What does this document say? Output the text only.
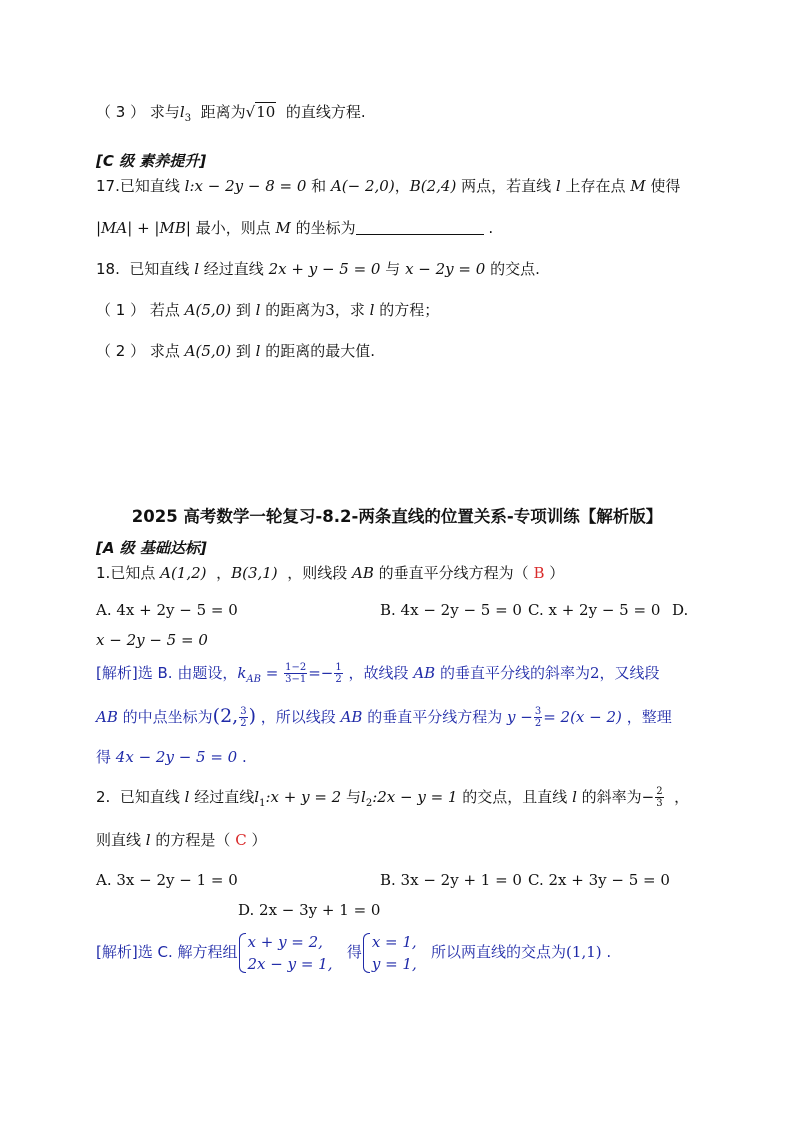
（ 3 ） 求与$l_3$ 距离为√10 的直线方程.
[C 级 素养提升]
17.已知直线 l:x − 2y − 8 = 0 和 A(− 2,0)，B(2,4) 两点，若直线 l 上存在点 M 使得
|MA| + |MB| 最小，则点 M 的坐标为	.
18. 已知直线 l 经过直线 2x + y − 5 = 0 与 x − 2y = 0 的交点.
（ 1 ） 若点 A(5,0) 到 l 的距离为3，求 l 的方程；
（ 2 ） 求点 A(5,0) 到 l 的距离的最大值.
2025 高考数学一轮复习-8.2-两条直线的位置关系-专项训练【解析版】
[A 级 基础达标]
1.已知点 A(1,2) ，B(3,1) ，则线段 AB 的垂直平分线方程为（ B ）
A. 4x + 2y − 5 = 0	B. 4x − 2y − 5 = 0 C. x + 2y − 5 = 0 D.
x − 2y − 5 = 0
[解析]选 B. 由题设，$k_{AB} = \frac{1-2}{3-1} =- \frac{1}{2}$ ，故线段 AB 的垂直平分线的斜率为2，又线段
AB 的中点坐标为(2, $\frac{3}{2}$ ) ，所以线段 AB 的垂直平分线方程为 $y - \frac{3}{2} = 2(x - 2)$ ，整理
得 4x − 2y − 5 = 0 .
2. 已知直线 l 经过直线$l_1:x + y = 2$ 与$l_2:2x - y = 1$ 的交点，且直线 l 的斜率为− $\frac{2}{3}$ ，
则直线 l 的方程是（ C ）
A. 3x − 2y − 1 = 0	B. 3x − 2y + 1 = 0 C. 2x + 3y − 5 = 0
D. 2x − 3y + 1 = 0
[解析]选 C. 解方程组
x + y = 2,
2x − y = 1,
得
x = 1,
y = 1,
所以两直线的交点为(1,1) .
